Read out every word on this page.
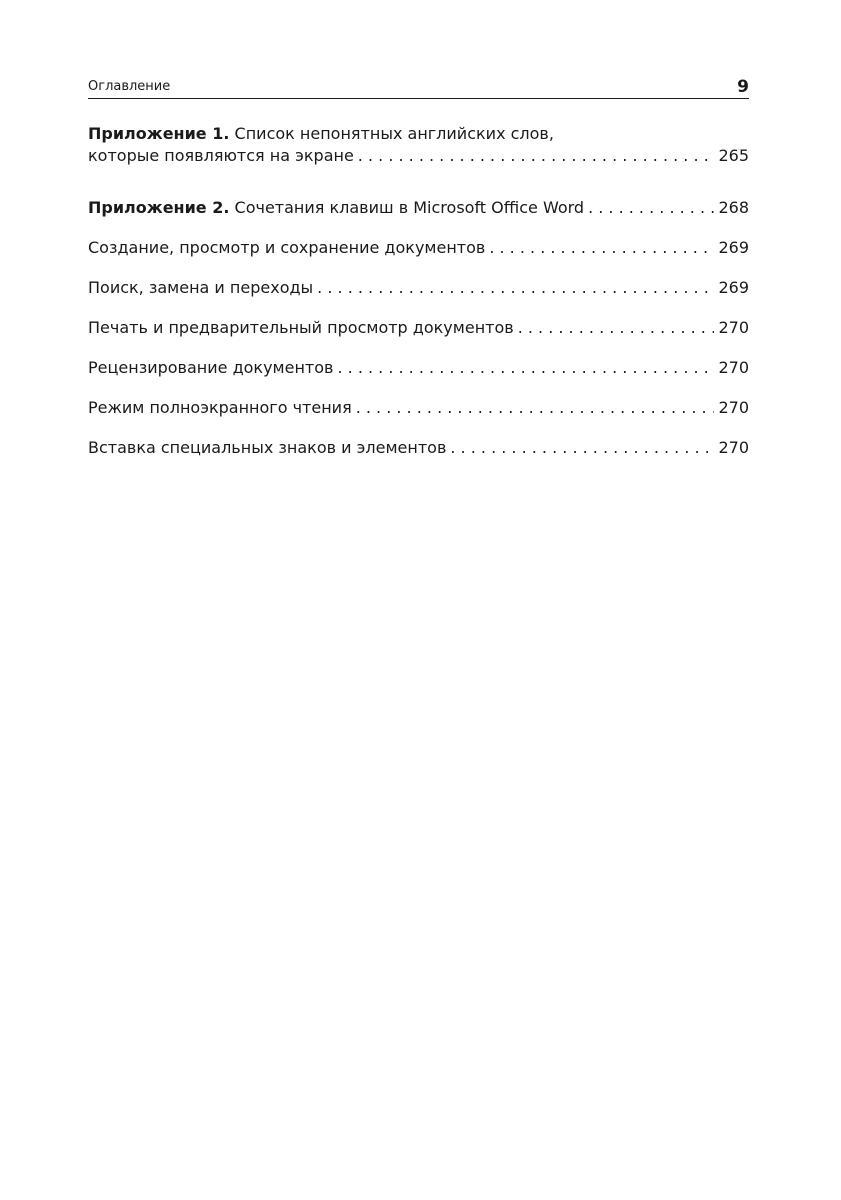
Оглавление	9
Приложение 1. Список непонятных английских слов,
которые появляются на экране . . .	265
Приложение 2. Сочетания клавиш в Microsoft Office Word . . .	268
Создание, просмотр и сохранение документов . . .	269
Поиск, замена и переходы . . .	269
Печать и предварительный просмотр документов . . .	270
Рецензирование документов . . .	270
Режим полноэкранного чтения . . .	270
Вставка специальных знаков и элементов . . .	270
